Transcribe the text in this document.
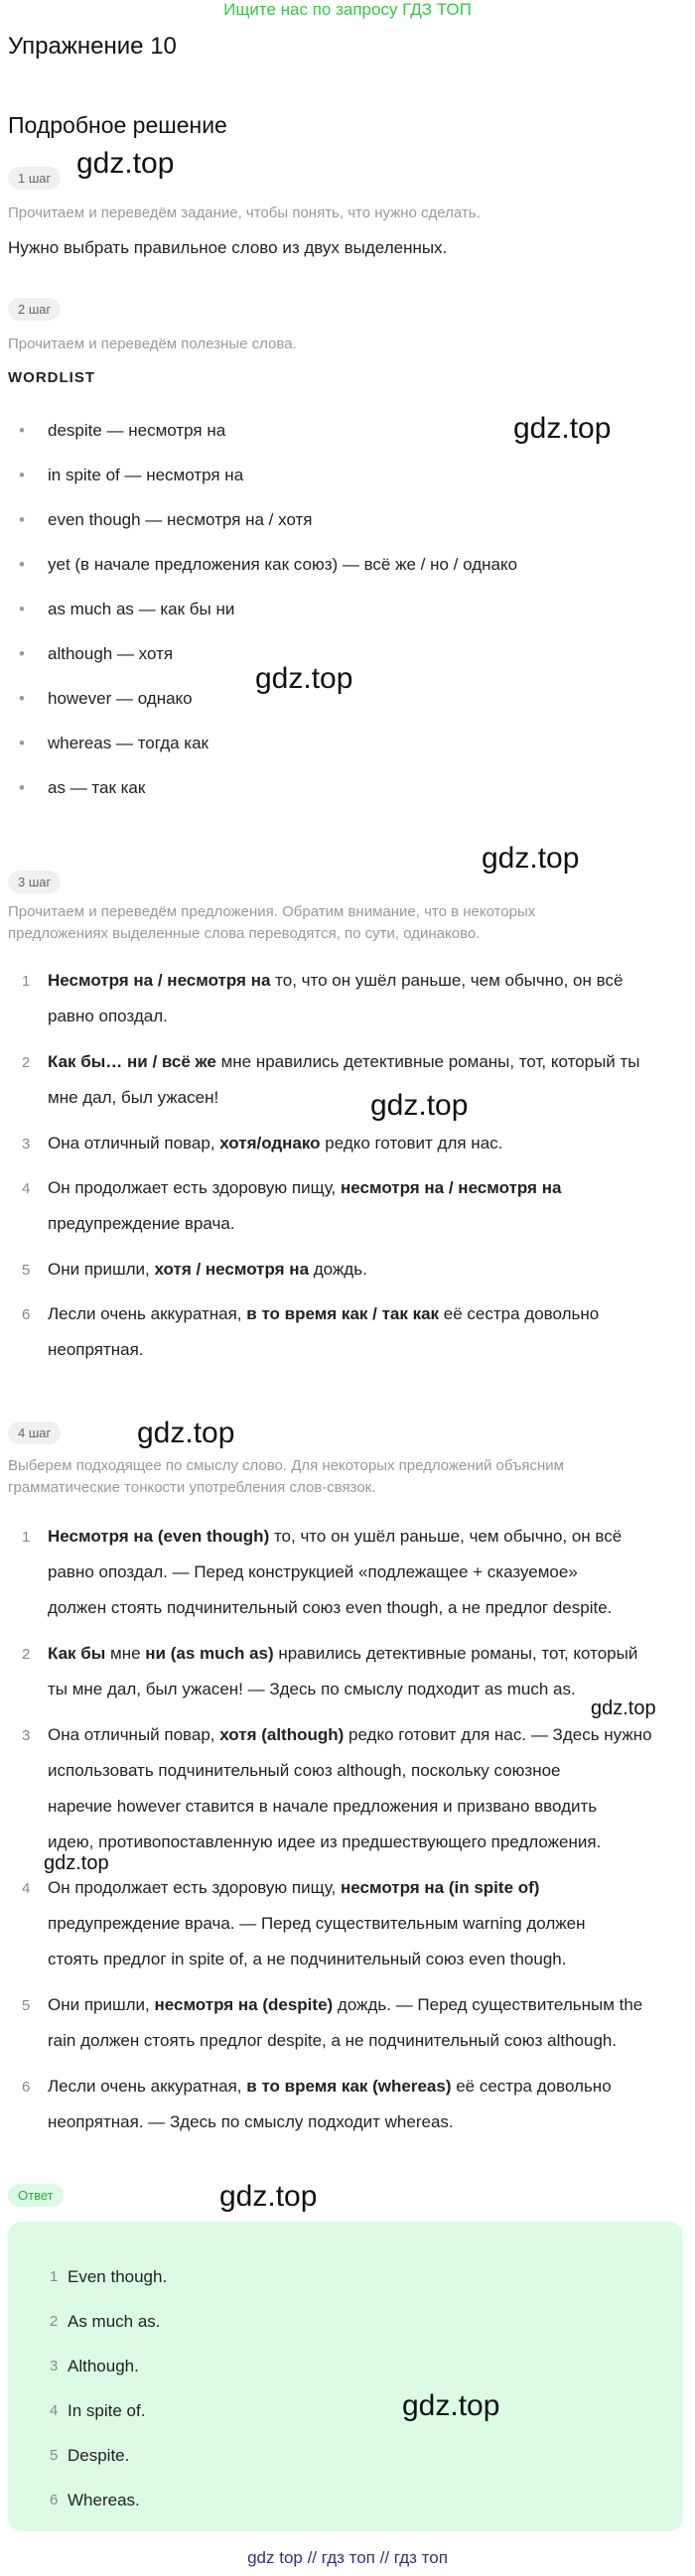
Ищите нас по запросу ГДЗ ТОП
Упражнение 10
Подробное решение
1 шаг
Прочитаем и переведём задание, чтобы понять, что нужно сделать.
Нужно выбрать правильное слово из двух выделенных.
2 шаг
Прочитаем и переведём полезные слова.
WORDLIST
• despite — несмотря на
• in spite of — несмотря на
• even though — несмотря на / хотя
• yet (в начале предложения как союз) — всё же / но / однако
• as much as — как бы ни
• although — хотя
• however — однако
• whereas — тогда как
• as — так как
3 шаг
Прочитаем и переведём предложения. Обратим внимание, что в некоторых
предложениях выделенные слова переводятся, по сути, одинаково.
1 Несмотря на / несмотря на то, что он ушёл раньше, чем обычно, он всё
равно опоздал.
2 Как бы… ни / всё же мне нравились детективные романы, тот, который ты
мне дал, был ужасен!
3 Она отличный повар, хотя/однако редко готовит для нас.
4 Он продолжает есть здоровую пищу, несмотря на / несмотря на
предупреждение врача.
5 Они пришли, хотя / несмотря на дождь.
6 Лесли очень аккуратная, в то время как / так как её сестра довольно
неопрятная.
4 шаг
Выберем подходящее по смыслу слово. Для некоторых предложений объясним
грамматические тонкости употребления слов-связок.
1 Несмотря на (even though) то, что он ушёл раньше, чем обычно, он всё
равно опоздал. — Перед конструкцией «подлежащее + сказуемое»
должен стоять подчинительный союз even though, а не предлог despite.
2 Как бы мне ни (as much as) нравились детективные романы, тот, который
ты мне дал, был ужасен! — Здесь по смыслу подходит as much as.
3 Она отличный повар, хотя (although) редко готовит для нас. — Здесь нужно
использовать подчинительный союз although, поскольку союзное
наречие however ставится в начале предложения и призвано вводить
идею, противопоставленную идее из предшествующего предложения.
4 Он продолжает есть здоровую пищу, несмотря на (in spite of)
предупреждение врача. — Перед существительным warning должен
стоять предлог in spite of, а не подчинительный союз even though.
5 Они пришли, несмотря на (despite) дождь. — Перед существительным the
rain должен стоять предлог despite, а не подчинительный союз although.
6 Лесли очень аккуратная, в то время как (whereas) её сестра довольно
неопрятная. — Здесь по смыслу подходит whereas.
Ответ
1 Even though.
2 As much as.
3 Although.
4 In spite of.
5 Despite.
6 Whereas.
gdz.top
gdz.top
gdz.top
gdz.top
gdz.top
gdz.top
gdz.top
gdz.top
gdz.top
gdz.top
gdz top // гдз топ // гдз топ
